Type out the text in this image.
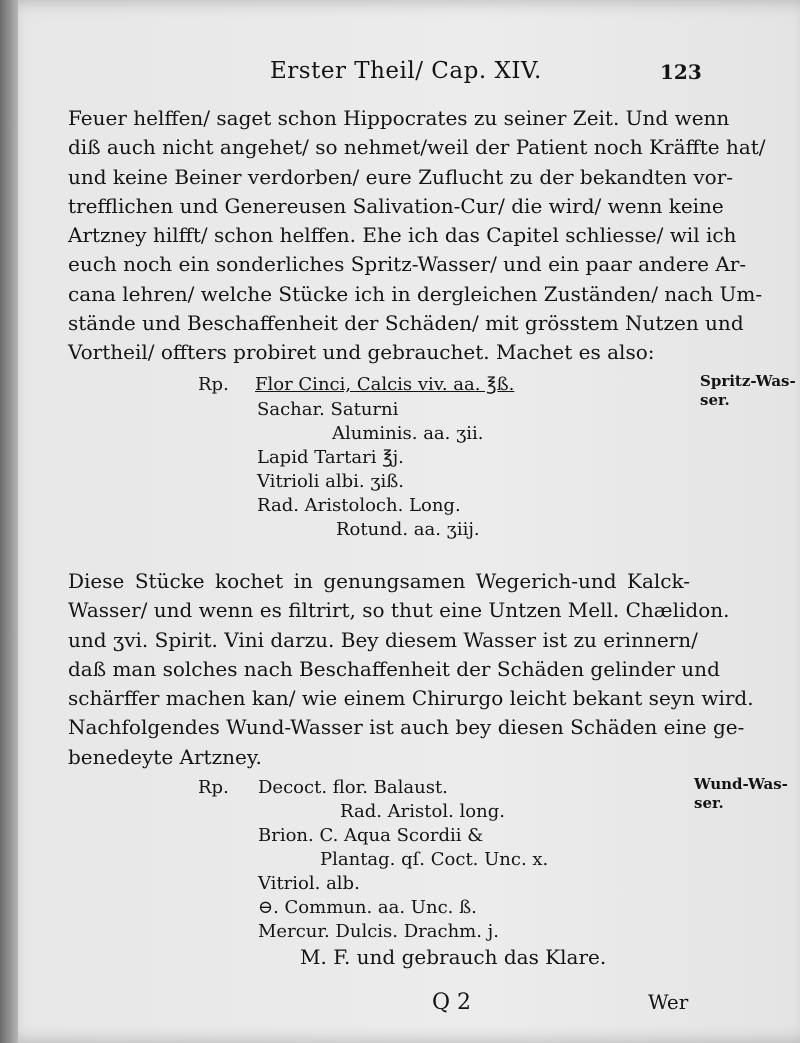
Erster Theil/ Cap. XIV.	123
Feuer helffen/ saget schon Hippocrates zu seiner Zeit. Und wenn
diß auch nicht angehet/ so nehmet/weil der Patient noch Kräffte hat/
und keine Beiner verdorben/ eure Zuflucht zu der bekandten vor-
trefflichen und Genereusen Salivation-Cur/ die wird/ wenn keine
Artzney hilfft/ schon helffen. Ehe ich das Capitel schliesse/ wil ich
euch noch ein sonderliches Spritz-Wasser/ und ein paar andere Ar-
cana lehren/ welche Stücke ich in dergleichen Zuständen/ nach Um-
stände und Beschaffenheit der Schäden/ mit grösstem Nutzen und
Vortheil/ offters probiret und gebrauchet. Machet es also:
Rp. Flor Cinci, Calcis viv. aa. ℥ß.
Sachar. Saturni
Aluminis. aa. ʒii.
Lapid Tartari ℥j.
Vitrioli albi. ʒiß.
Rad. Aristoloch. Long.
Rotund. aa. ʒiij.
Spritz-Was-
ser.
Diese Stücke kochet in genungsamen Wegerich-und Kalck-
Wasser/ und wenn es filtrirt, so thut eine Untzen Mell. Chælidon.
und ʒvi. Spirit. Vini darzu. Bey diesem Wasser ist zu erinnern/
daß man solches nach Beschaffenheit der Schäden gelinder und
schärffer machen kan/ wie einem Chirurgo leicht bekant seyn wird.
Nachfolgendes Wund-Wasser ist auch bey diesen Schäden eine ge-
benedeyte Artzney.
Rp. Decoct. flor. Balaust.
Rad. Aristol. long.
Brion. C. Aqua Scordii &
Plantag. qſ. Coct. Unc. x.
Vitriol. alb.
⊖. Commun. aa. Unc. ß.
Mercur. Dulcis. Drachm. j.
M. F. und gebrauch das Klare.
Wund-Was-
ser.
Q 2	Wer
